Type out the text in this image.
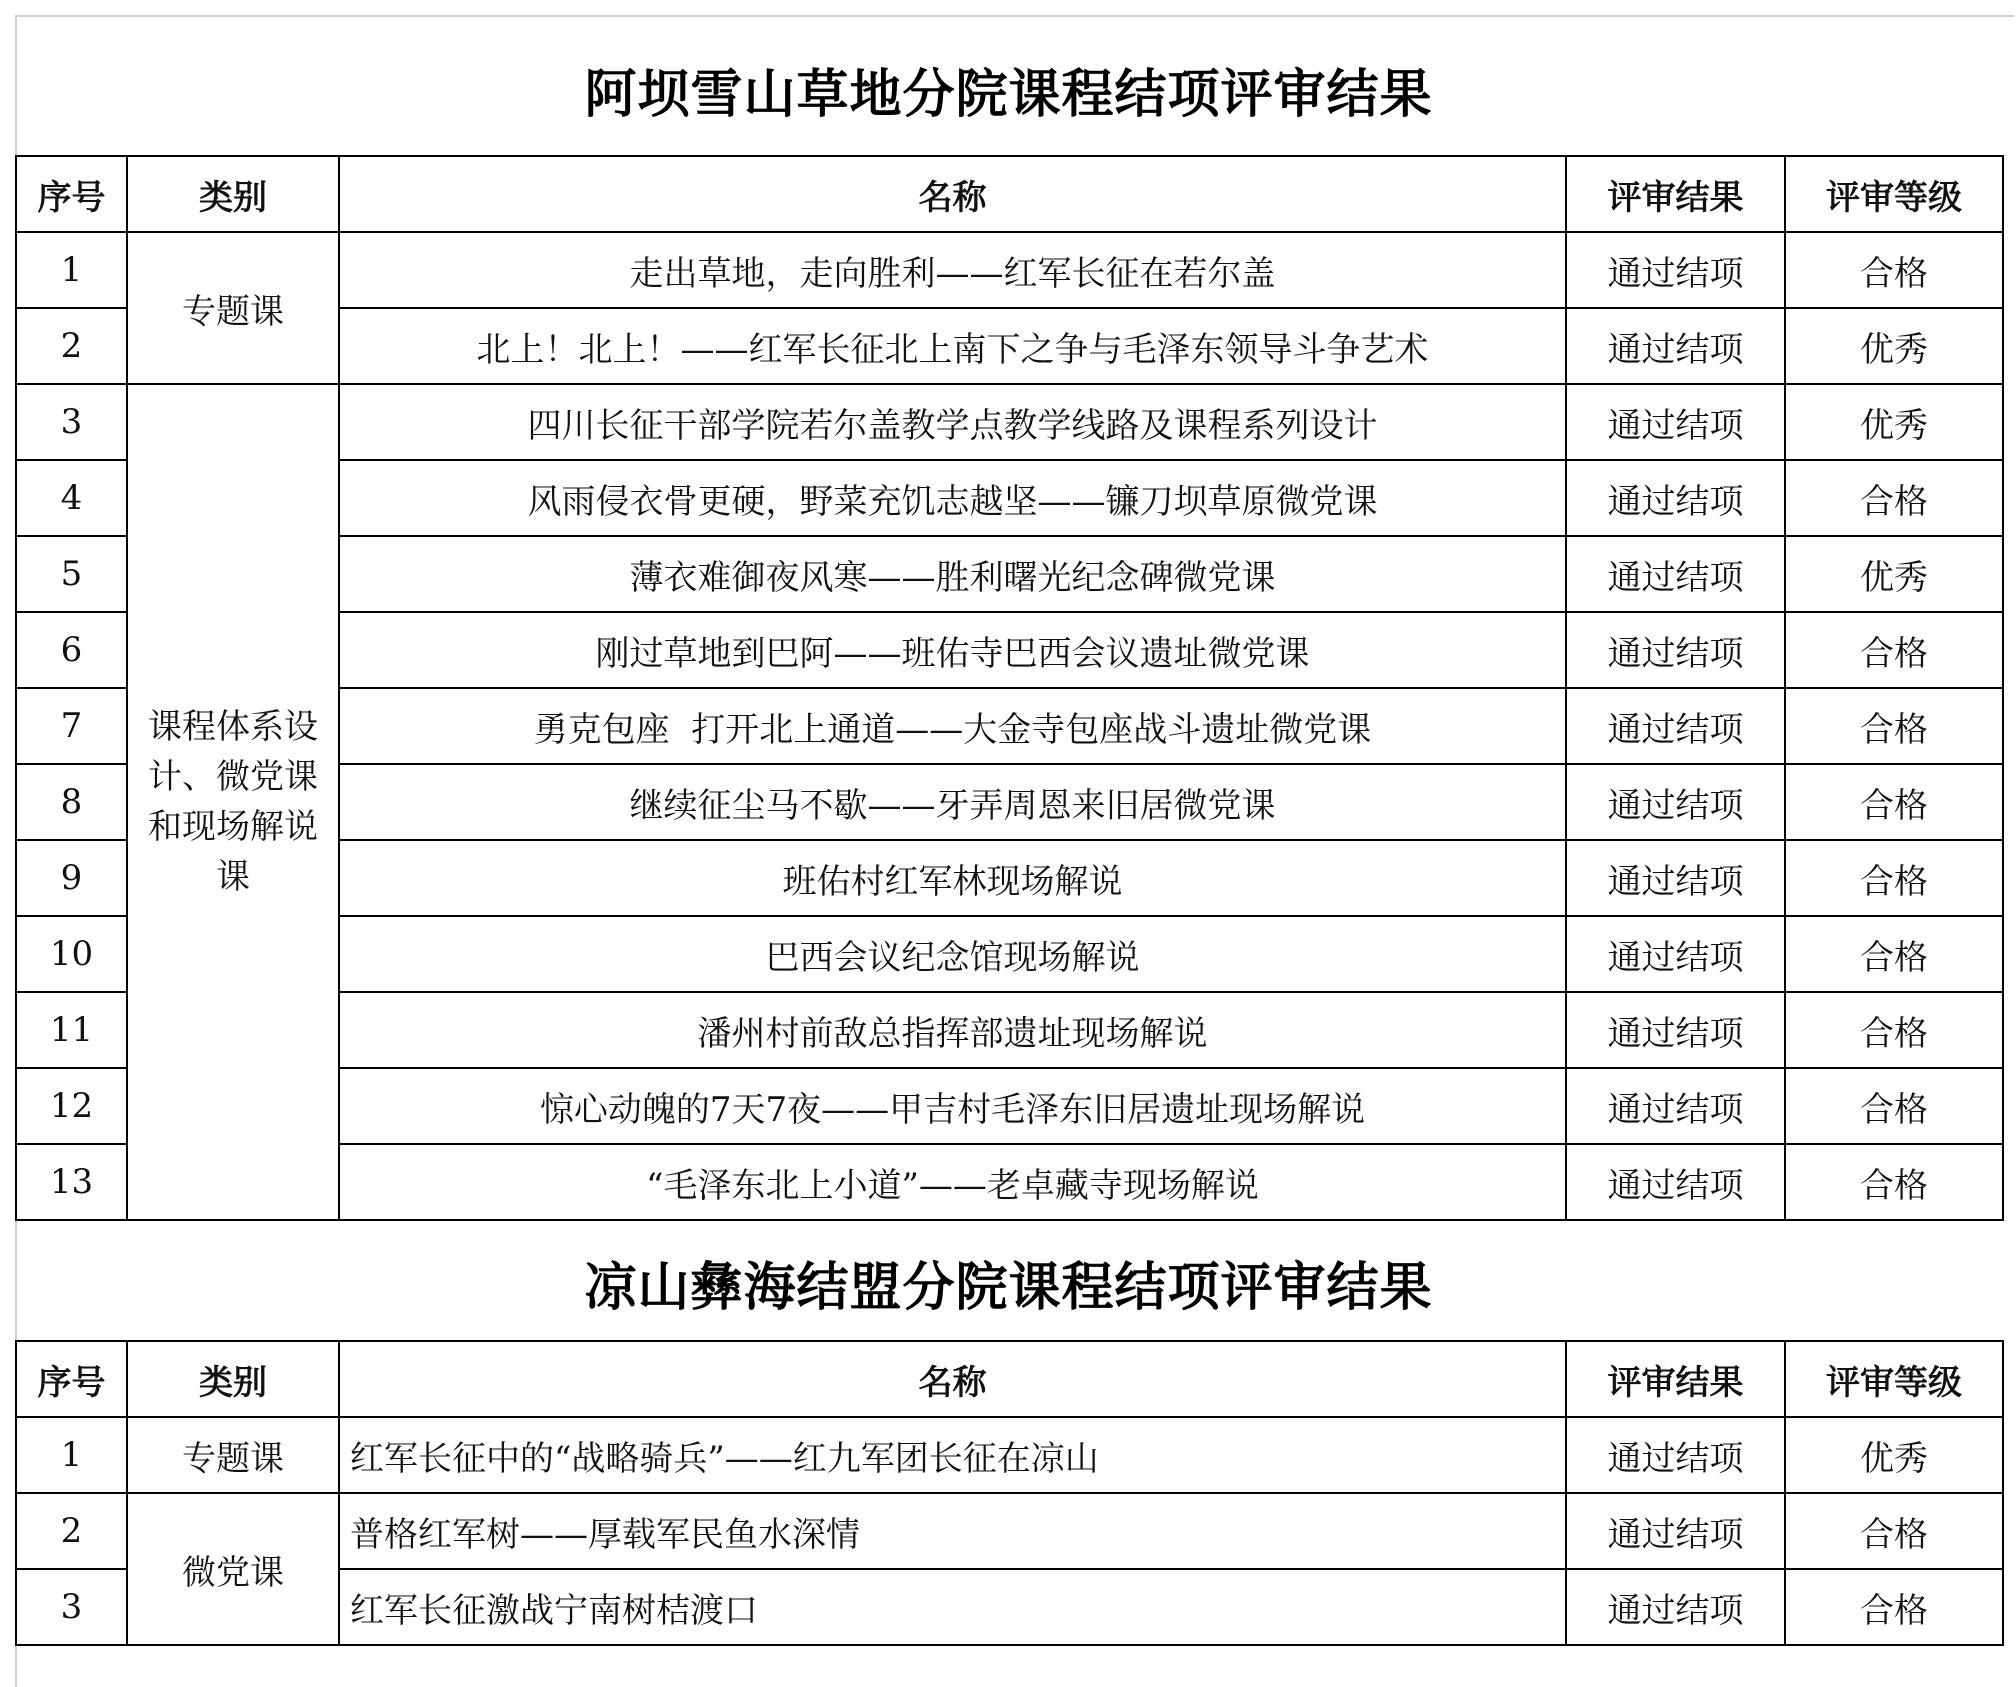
阿坝雪山草地分院课程结项评审结果
序号	类别	名称	评审结果	评审等级
1	专题课	走出草地，走向胜利——红军长征在若尔盖	通过结项	合格
2		北上！北上！——红军长征北上南下之争与毛泽东领导斗争艺术	通过结项	优秀
3	课程体系设计、微党课和现场解说课	四川长征干部学院若尔盖教学点教学线路及课程系列设计	通过结项	优秀
4		风雨侵衣骨更硬，野菜充饥志越坚——镰刀坝草原微党课	通过结项	合格
5		薄衣难御夜风寒——胜利曙光纪念碑微党课	通过结项	优秀
6		刚过草地到巴阿——班佑寺巴西会议遗址微党课	通过结项	合格
7		勇克包座  打开北上通道——大金寺包座战斗遗址微党课	通过结项	合格
8		继续征尘马不歇——牙弄周恩来旧居微党课	通过结项	合格
9		班佑村红军林现场解说	通过结项	合格
10		巴西会议纪念馆现场解说	通过结项	合格
11		潘州村前敌总指挥部遗址现场解说	通过结项	合格
12		惊心动魄的7天7夜——甲吉村毛泽东旧居遗址现场解说	通过结项	合格
13		“毛泽东北上小道”——老卓藏寺现场解说	通过结项	合格
凉山彝海结盟分院课程结项评审结果
序号	类别	名称	评审结果	评审等级
1	专题课	红军长征中的“战略骑兵”——红九军团长征在凉山	通过结项	优秀
2	微党课	普格红军树——厚载军民鱼水深情	通过结项	合格
3		红军长征激战宁南树桔渡口	通过结项	合格
